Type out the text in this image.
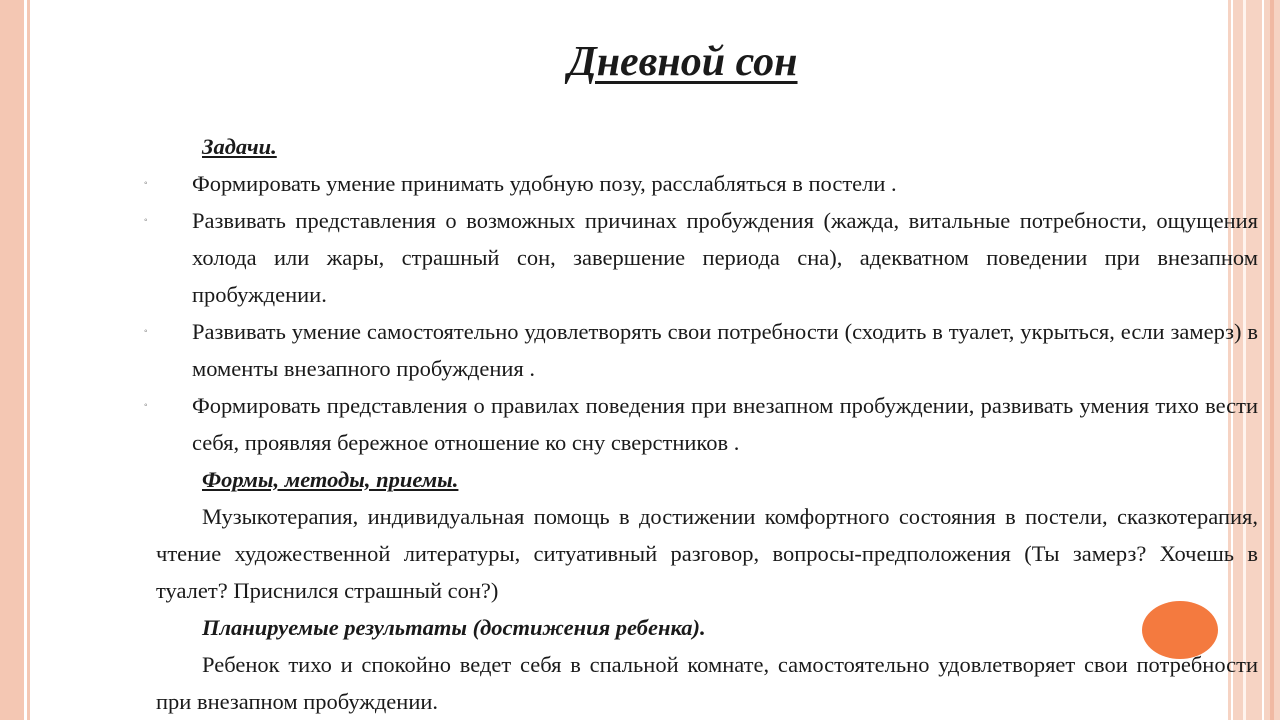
Дневной сон
Задачи.
◦ Формировать умение принимать удобную позу, расслабляться в постели .
◦ Развивать представления о возможных причинах пробуждения (жажда, витальные потребности, ощущения холода или жары, страшный сон, завершение периода сна), адекватном поведении при внезапном пробуждении.
◦ Развивать умение самостоятельно удовлетворять свои потребности (сходить в туалет, укрыться, если замерз) в моменты внезапного пробуждения .
◦ Формировать представления о правилах поведения при внезапном пробуждении, развивать умения тихо вести себя, проявляя бережное отношение ко сну сверстников .
Формы, методы, приемы.
Музыкотерапия, индивидуальная помощь в достижении комфортного состояния в постели, сказкотерапия, чтение художественной литературы, ситуативный разговор, вопросы-предположения (Ты замерз? Хочешь в туалет? Приснился страшный сон?)
Планируемые результаты (достижения ребенка).
Ребенок тихо и спокойно ведет себя в спальной комнате, самостоятельно удовлетворяет свои потребности при внезапном пробуждении.
